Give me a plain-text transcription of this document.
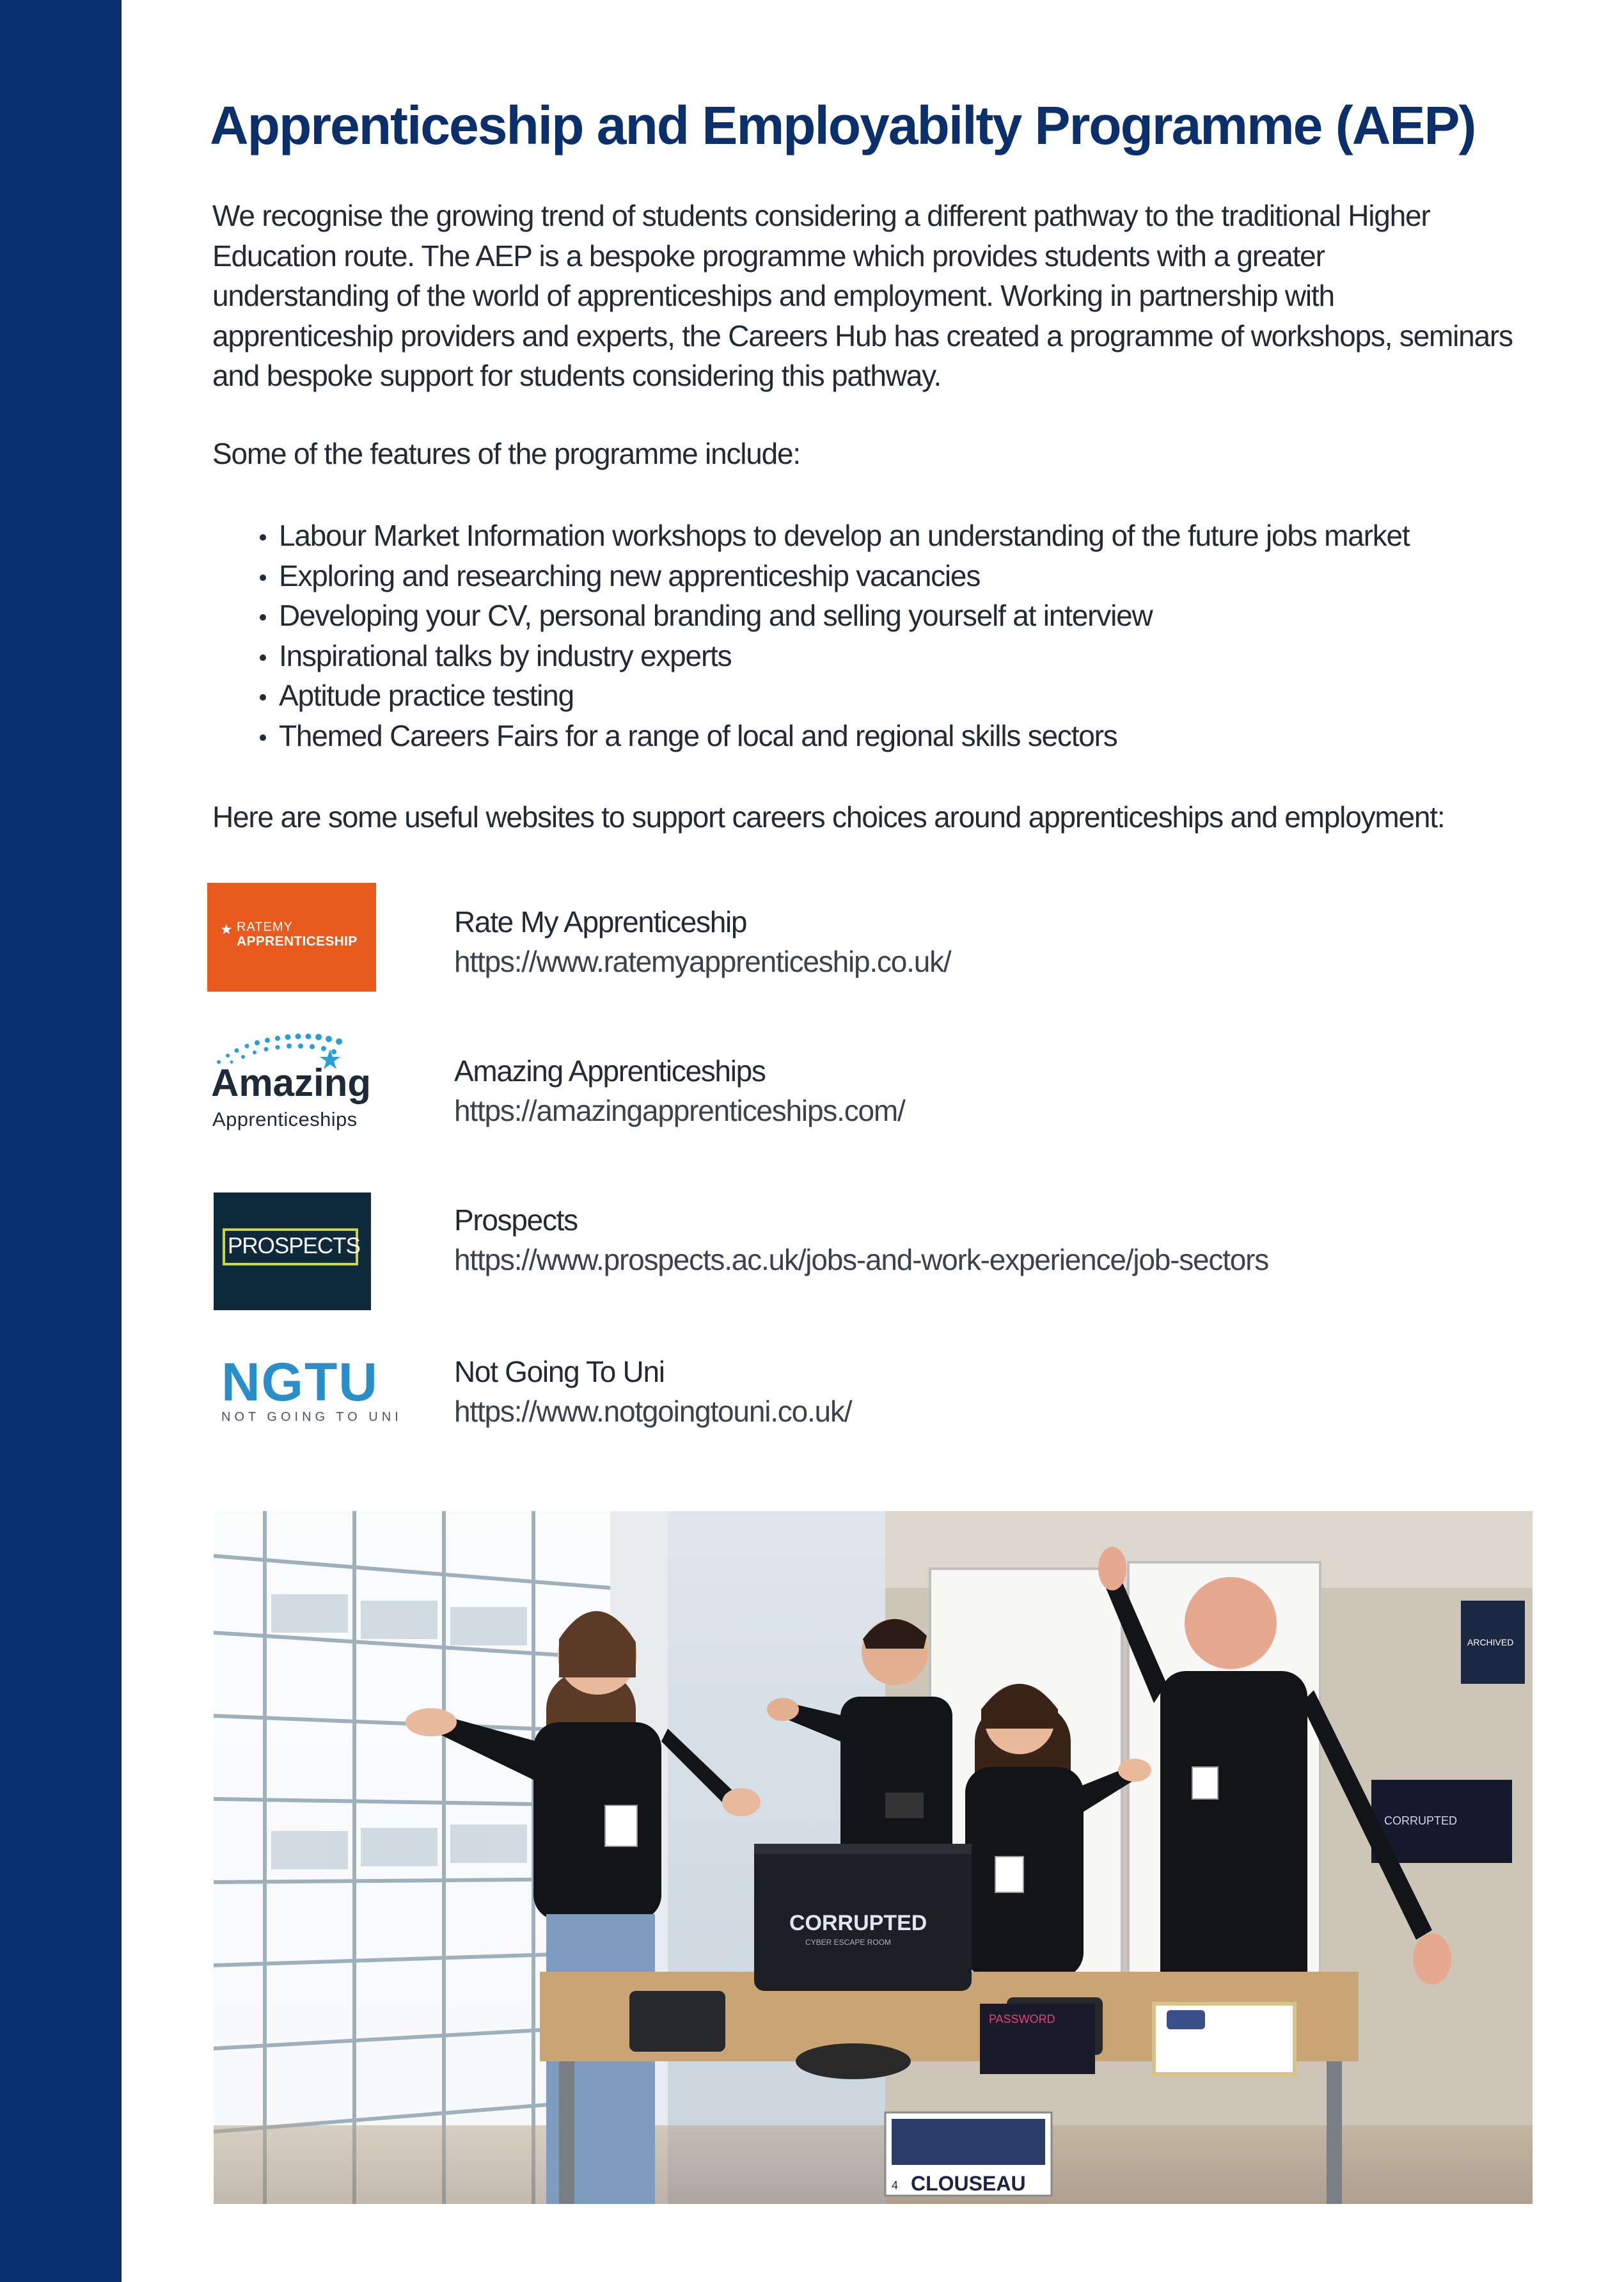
Apprenticeship and Employabilty Programme (AEP)

We recognise the growing trend of students considering a different pathway to the traditional Higher
Education route. The AEP is a bespoke programme which provides students with a greater
understanding of the world of apprenticeships and employment. Working in partnership with
apprenticeship providers and experts, the Careers Hub has created a programme of workshops, seminars
and bespoke support for students considering this pathway.

Some of the features of the programme include:

Labour Market Information workshops to develop an understanding of the future jobs market
Exploring and researching new apprenticeship vacancies
Developing your CV, personal branding and selling yourself at interview
Inspirational talks by industry experts
Aptitude practice testing
Themed Careers Fairs for a range of local and regional skills sectors

Here are some useful websites to support careers choices around apprenticeships and employment:

★ RATEMY
APPRENTICESHIP
Rate My Apprenticeship
https://www.ratemyapprenticeship.co.uk/
Amazing
Apprenticeships
Amazing Apprenticeships
https://amazingapprenticeships.com/
PROSPECTS
Prospects
https://www.prospects.ac.uk/jobs-and-work-experience/job-sectors
NGTU
NOT GOING TO UNI
Not Going To Uni
https://www.notgoingtouni.co.uk/
ARCHIVED
CORRUPTED
CORRUPTED
CYBER ESCAPE ROOM
PASSWORD
4 CLOUSEAU
